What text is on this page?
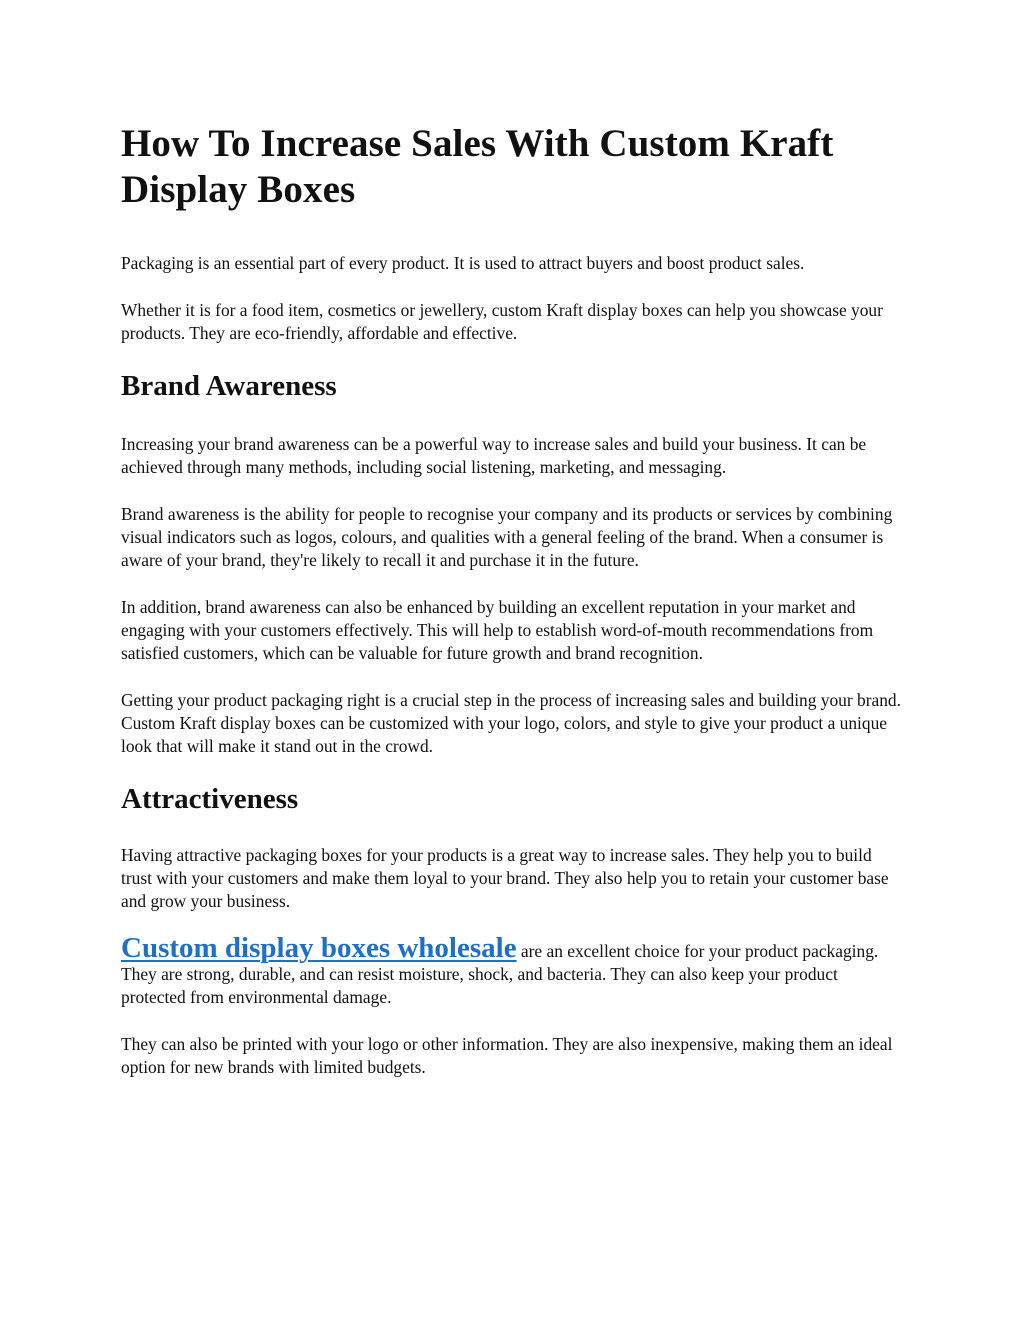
How To Increase Sales With Custom Kraft Display Boxes

Packaging is an essential part of every product. It is used to attract buyers and boost product sales.

Whether it is for a food item, cosmetics or jewellery, custom Kraft display boxes can help you showcase your products. They are eco-friendly, affordable and effective.

Brand Awareness

Increasing your brand awareness can be a powerful way to increase sales and build your business. It can be achieved through many methods, including social listening, marketing, and messaging.

Brand awareness is the ability for people to recognise your company and its products or services by combining visual indicators such as logos, colours, and qualities with a general feeling of the brand. When a consumer is aware of your brand, they're likely to recall it and purchase it in the future.

In addition, brand awareness can also be enhanced by building an excellent reputation in your market and engaging with your customers effectively. This will help to establish word-of-mouth recommendations from satisfied customers, which can be valuable for future growth and brand recognition.

Getting your product packaging right is a crucial step in the process of increasing sales and building your brand. Custom Kraft display boxes can be customized with your logo, colors, and style to give your product a unique look that will make it stand out in the crowd.

Attractiveness

Having attractive packaging boxes for your products is a great way to increase sales. They help you to build trust with your customers and make them loyal to your brand. They also help you to retain your customer base and grow your business.

Custom display boxes wholesale are an excellent choice for your product packaging. They are strong, durable, and can resist moisture, shock, and bacteria. They can also keep your product protected from environmental damage.

They can also be printed with your logo or other information. They are also inexpensive, making them an ideal option for new brands with limited budgets.
